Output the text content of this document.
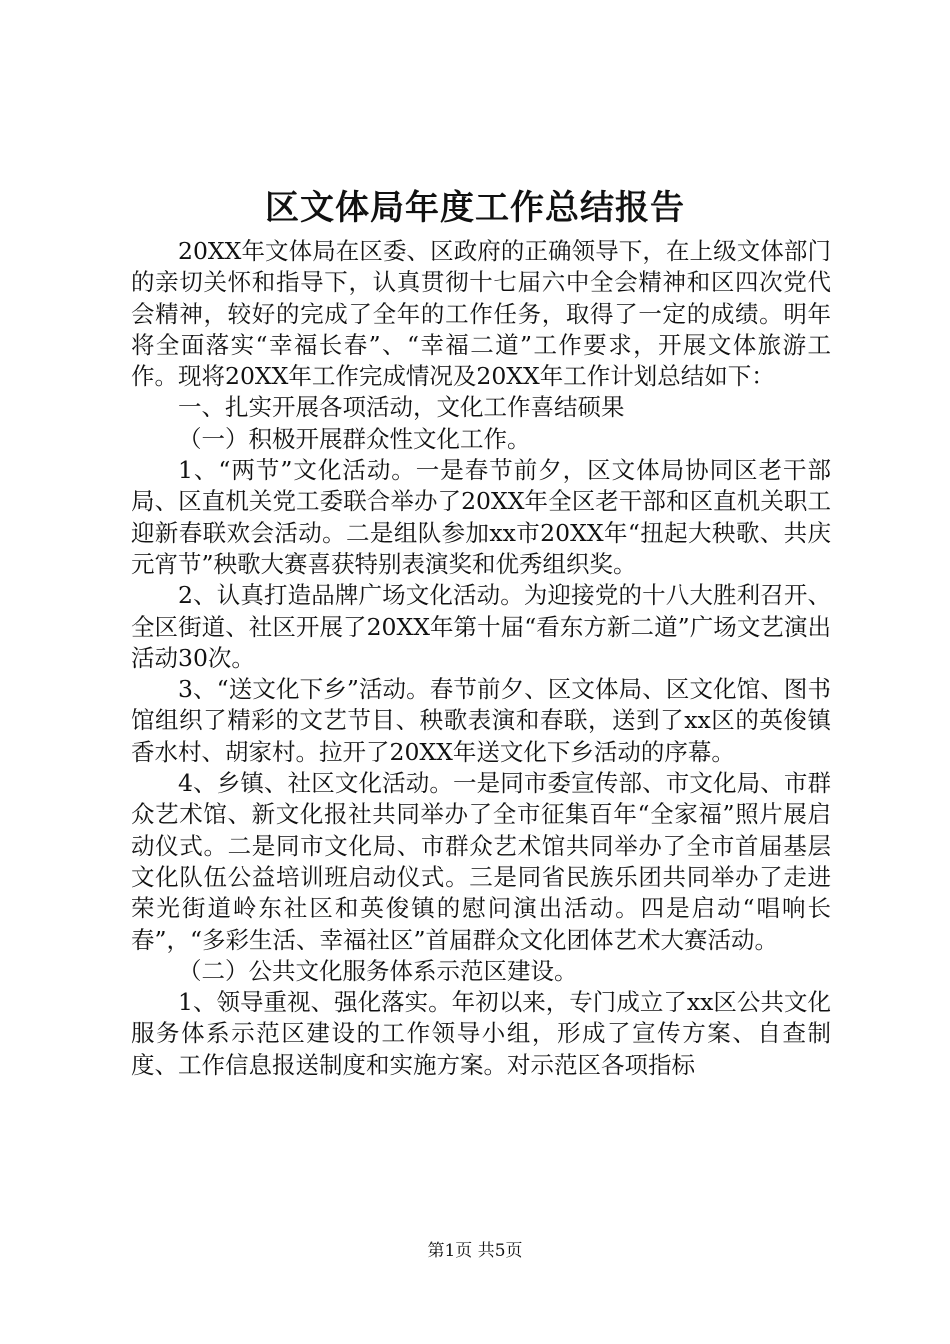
区文体局年度工作总结报告

20XX年文体局在区委、区政府的正确领导下，在上级文体部门的亲切关怀和指导下，认真贯彻十七届六中全会精神和区四次党代会精神，较好的完成了全年的工作任务，取得了一定的成绩。明年将全面落实“幸福长春”、“幸福二道”工作要求，开展文体旅游工作。现将20XX年工作完成情况及20XX年工作计划总结如下：

一、扎实开展各项活动，文化工作喜结硕果

（一）积极开展群众性文化工作。

1、“两节”文化活动。一是春节前夕，区文体局协同区老干部局、区直机关党工委联合举办了20XX年全区老干部和区直机关职工迎新春联欢会活动。二是组队参加xx市20XX年“扭起大秧歌、共庆元宵节”秧歌大赛喜获特别表演奖和优秀组织奖。

2、认真打造品牌广场文化活动。为迎接党的十八大胜利召开、全区街道、社区开展了20XX年第十届“看东方新二道”广场文艺演出活动30次。

3、“送文化下乡”活动。春节前夕、区文体局、区文化馆、图书馆组织了精彩的文艺节目、秧歌表演和春联，送到了xx区的英俊镇香水村、胡家村。拉开了20XX年送文化下乡活动的序幕。

4、乡镇、社区文化活动。一是同市委宣传部、市文化局、市群众艺术馆、新文化报社共同举办了全市征集百年“全家福”照片展启动仪式。二是同市文化局、市群众艺术馆共同举办了全市首届基层文化队伍公益培训班启动仪式。三是同省民族乐团共同举办了走进荣光街道岭东社区和英俊镇的慰问演出活动。四是启动“唱响长春”，“多彩生活、幸福社区”首届群众文化团体艺术大赛活动。

（二）公共文化服务体系示范区建设。

1、领导重视、强化落实。年初以来，专门成立了xx区公共文化服务体系示范区建设的工作领导小组，形成了宣传方案、自查制度、工作信息报送制度和实施方案。对示范区各项指标

第1页 共5页
